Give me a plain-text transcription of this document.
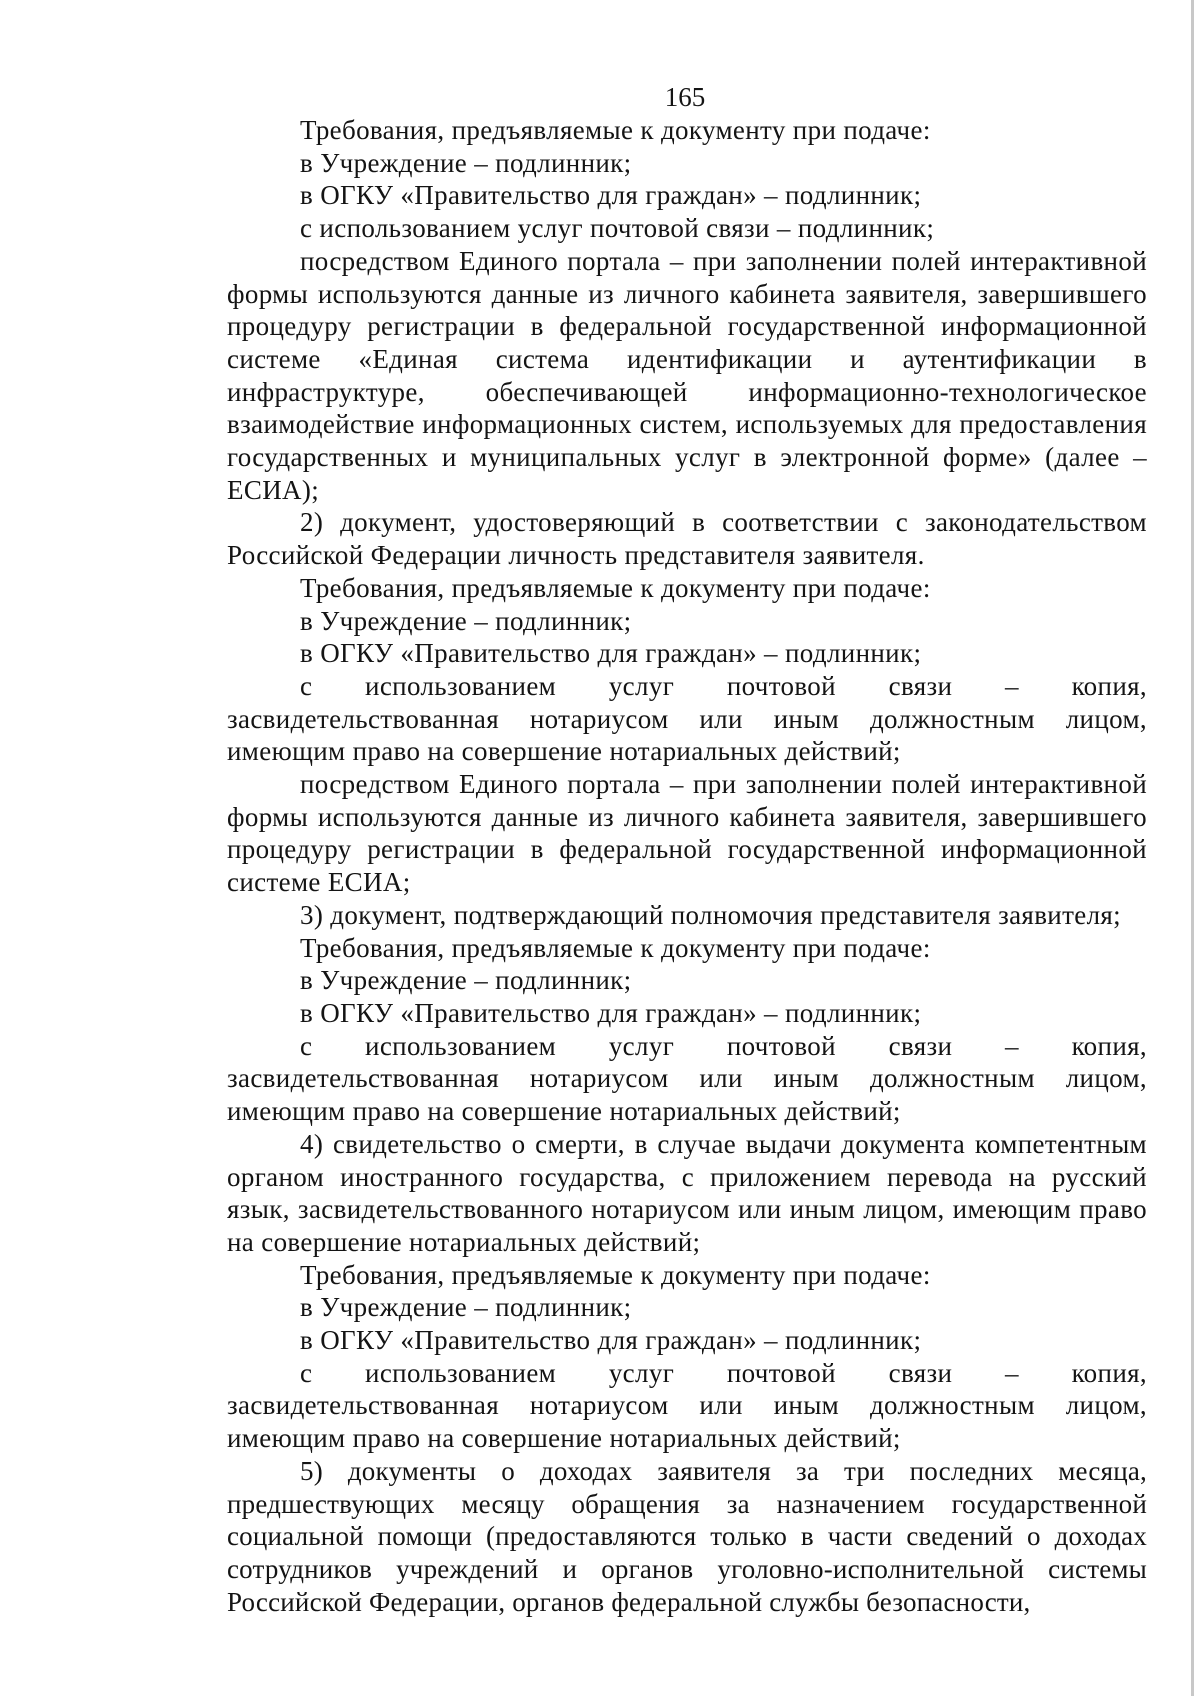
165

Требования, предъявляемые к документу при подаче:

в Учреждение – подлинник;

в ОГКУ «Правительство для граждан» – подлинник;

с использованием услуг почтовой связи – подлинник;

посредством Единого портала – при заполнении полей интерактивной формы используются данные из личного кабинета заявителя, завершившего процедуру регистрации в федеральной государственной информационной системе «Единая система идентификации и аутентификации в инфраструктуре, обеспечивающей информационно-технологическое взаимодействие информационных систем, используемых для предоставления государственных и муниципальных услуг в электронной форме» (далее – ЕСИА);

2) документ, удостоверяющий в соответствии с законодательством Российской Федерации личность представителя заявителя.

Требования, предъявляемые к документу при подаче:

в Учреждение – подлинник;

в ОГКУ «Правительство для граждан» – подлинник;

с использованием услуг почтовой связи – копия, засвидетельствованная нотариусом или иным должностным лицом, имеющим право на совершение нотариальных действий;

посредством Единого портала – при заполнении полей интерактивной формы используются данные из личного кабинета заявителя, завершившего процедуру регистрации в федеральной государственной информационной системе ЕСИА;

3) документ, подтверждающий полномочия представителя заявителя;

Требования, предъявляемые к документу при подаче:

в Учреждение – подлинник;

в ОГКУ «Правительство для граждан» – подлинник;

с использованием услуг почтовой связи – копия, засвидетельствованная нотариусом или иным должностным лицом, имеющим право на совершение нотариальных действий;

4) свидетельство о смерти, в случае выдачи документа компетентным органом иностранного государства, с приложением перевода на русский язык, засвидетельствованного нотариусом или иным лицом, имеющим право на совершение нотариальных действий;

Требования, предъявляемые к документу при подаче:

в Учреждение – подлинник;

в ОГКУ «Правительство для граждан» – подлинник;

с использованием услуг почтовой связи – копия, засвидетельствованная нотариусом или иным должностным лицом, имеющим право на совершение нотариальных действий;

5) документы о доходах заявителя за три последних месяца, предшествующих месяцу обращения за назначением государственной социальной помощи (предоставляются только в части сведений о доходах сотрудников учреждений и органов уголовно-исполнительной системы Российской Федерации, органов федеральной службы безопасности,
